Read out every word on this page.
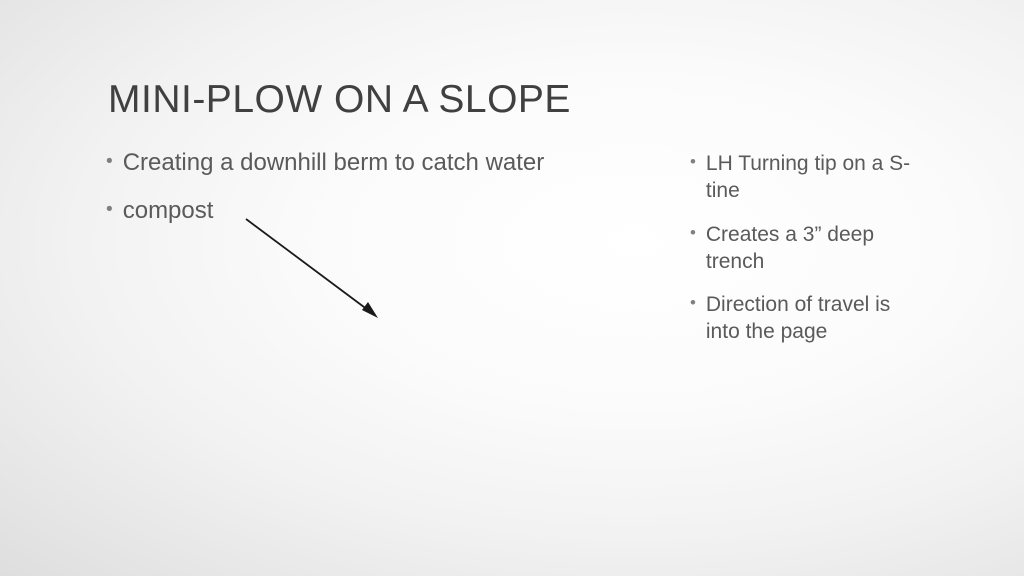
MINI-PLOW ON A SLOPE
• Creating a downhill berm to catch water
• compost
• LH Turning tip on a S-tine
• Creates a 3” deep trench
• Direction of travel is into the page
